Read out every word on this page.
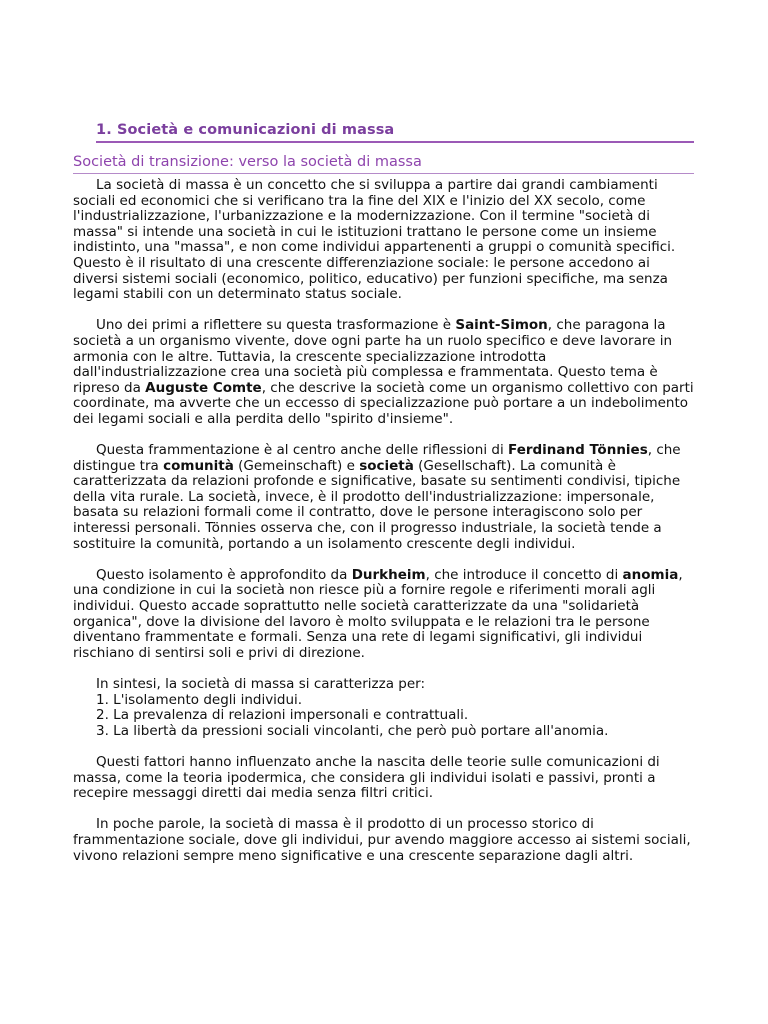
1. Società e comunicazioni di massa
Società di transizione: verso la società di massa

La società di massa è un concetto che si sviluppa a partire dai grandi cambiamenti sociali ed economici che si verificano tra la fine del XIX e l'inizio del XX secolo, come l'industrializzazione, l'urbanizzazione e la modernizzazione. Con il termine "società di massa" si intende una società in cui le istituzioni trattano le persone come un insieme indistinto, una "massa", e non come individui appartenenti a gruppi o comunità specifici. Questo è il risultato di una crescente differenziazione sociale: le persone accedono ai diversi sistemi sociali (economico, politico, educativo) per funzioni specifiche, ma senza legami stabili con un determinato status sociale.

Uno dei primi a riflettere su questa trasformazione è Saint-Simon, che paragona la società a un organismo vivente, dove ogni parte ha un ruolo specifico e deve lavorare in armonia con le altre. Tuttavia, la crescente specializzazione introdotta dall'industrializzazione crea una società più complessa e frammentata. Questo tema è ripreso da Auguste Comte, che descrive la società come un organismo collettivo con parti coordinate, ma avverte che un eccesso di specializzazione può portare a un indebolimento dei legami sociali e alla perdita dello "spirito d'insieme".

Questa frammentazione è al centro anche delle riflessioni di Ferdinand Tönnies, che distingue tra comunità (Gemeinschaft) e società (Gesellschaft). La comunità è caratterizzata da relazioni profonde e significative, basate su sentimenti condivisi, tipiche della vita rurale. La società, invece, è il prodotto dell'industrializzazione: impersonale, basata su relazioni formali come il contratto, dove le persone interagiscono solo per interessi personali. Tönnies osserva che, con il progresso industriale, la società tende a sostituire la comunità, portando a un isolamento crescente degli individui.

Questo isolamento è approfondito da Durkheim, che introduce il concetto di anomia, una condizione in cui la società non riesce più a fornire regole e riferimenti morali agli individui. Questo accade soprattutto nelle società caratterizzate da una "solidarietà organica", dove la divisione del lavoro è molto sviluppata e le relazioni tra le persone diventano frammentate e formali. Senza una rete di legami significativi, gli individui rischiano di sentirsi soli e privi di direzione.

In sintesi, la società di massa si caratterizza per:
1. L'isolamento degli individui.
2. La prevalenza di relazioni impersonali e contrattuali.
3. La libertà da pressioni sociali vincolanti, che però può portare all'anomia.

Questi fattori hanno influenzato anche la nascita delle teorie sulle comunicazioni di massa, come la teoria ipodermica, che considera gli individui isolati e passivi, pronti a recepire messaggi diretti dai media senza filtri critici.

In poche parole, la società di massa è il prodotto di un processo storico di frammentazione sociale, dove gli individui, pur avendo maggiore accesso ai sistemi sociali, vivono relazioni sempre meno significative e una crescente separazione dagli altri.
